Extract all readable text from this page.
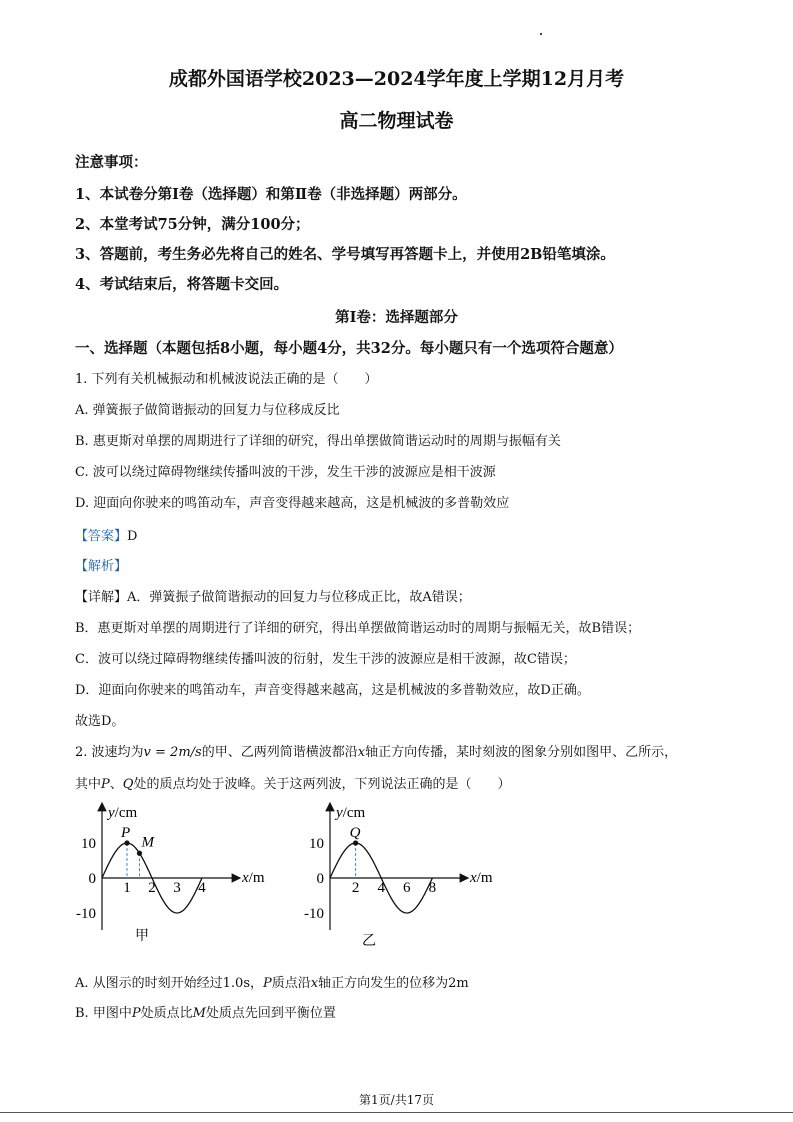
成都外国语学校2023—2024学年度上学期12月月考
高二物理试卷
注意事项：
1、本试卷分第Ⅰ卷（选择题）和第Ⅱ卷（非选择题）两部分。
2、本堂考试75分钟，满分100分；
3、答题前，考生务必先将自己的姓名、学号填写再答题卡上，并使用2B铅笔填涂。
4、考试结束后，将答题卡交回。
第Ⅰ卷：选择题部分
一、选择题（本题包括8小题，每小题4分，共32分。每小题只有一个选项符合题意）
1. 下列有关机械振动和机械波说法正确的是（　　）
A. 弹簧振子做简谐振动的回复力与位移成反比
B. 惠更斯对单摆的周期进行了详细的研究，得出单摆做简谐运动时的周期与振幅有关
C. 波可以绕过障碍物继续传播叫波的干涉，发生干涉的波源应是相干波源
D. 迎面向你驶来的鸣笛动车，声音变得越来越高，这是机械波的多普勒效应
【答案】D
【解析】
【详解】A．弹簧振子做简谐振动的回复力与位移成正比，故A错误；
B．惠更斯对单摆的周期进行了详细的研究，得出单摆做简谐运动时的周期与振幅无关，故B错误；
C．波可以绕过障碍物继续传播叫波的衍射，发生干涉的波源应是相干波源，故C错误；
D．迎面向你驶来的鸣笛动车，声音变得越来越高，这是机械波的多普勒效应，故D正确。
故选D。
2. 波速均为v = 2m/s的甲、乙两列简谐横波都沿x轴正方向传播，某时刻波的图象分别如图甲、乙所示，
其中P、Q处的质点均处于波峰。关于这两列波，下列说法正确的是（　　）
y/cm
x/m
10
0
-10
1 2 3 4
P
M
甲
y/cm
x/m
10
0
-10
2 4 6 8
Q
乙
A. 从图示的时刻开始经过1.0s，P质点沿x轴正方向发生的位移为2m
B. 甲图中P处质点比M处质点先回到平衡位置
第1页/共17页
